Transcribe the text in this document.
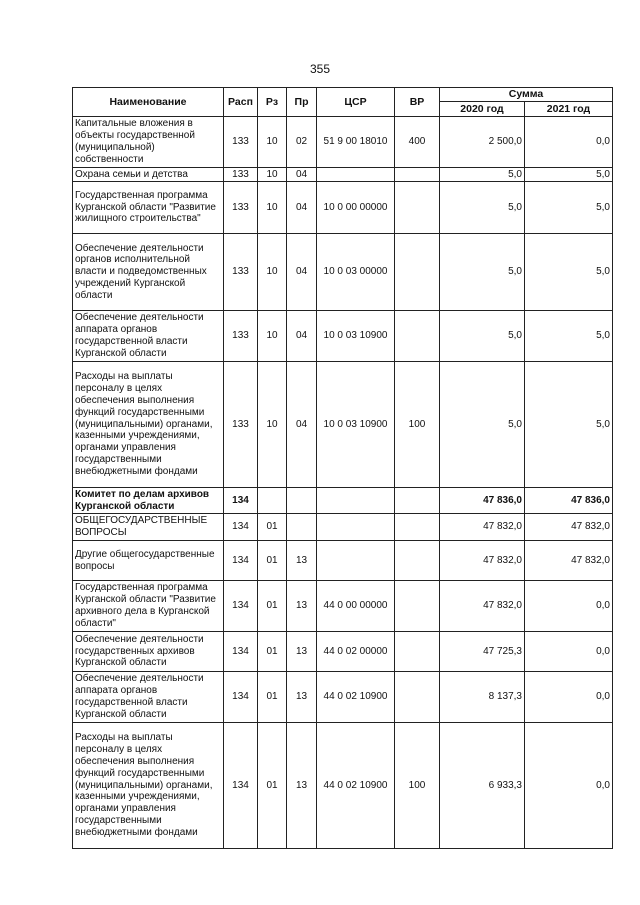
355
Наименование	Расп	Рз	Пр	ЦСР	ВР	Сумма	
						2020 год	2021 год
Капитальные вложения в объекты государственной (муниципальной) собственности	133	10	02	51 9 00 18010	400	2 500,0	0,0
Охрана семьи и детства	133	10	04			5,0	5,0
Государственная программа Курганской области "Развитие жилищного строительства"	133	10	04	10 0 00 00000		5,0	5,0
Обеспечение деятельности органов исполнительной власти и подведомственных учреждений Курганской области	133	10	04	10 0 03 00000		5,0	5,0
Обеспечение деятельности аппарата органов государственной власти Курганской области	133	10	04	10 0 03 10900		5,0	5,0
Расходы на выплаты персоналу в целях обеспечения выполнения функций государственными (муниципальными) органами, казенными учреждениями, органами управления государственными внебюджетными фондами	133	10	04	10 0 03 10900	100	5,0	5,0
Комитет по делам архивов Курганской области	134					47 836,0	47 836,0
ОБЩЕГОСУДАРСТВЕННЫЕ ВОПРОСЫ	134	01				47 832,0	47 832,0
Другие общегосударственные вопросы	134	01	13			47 832,0	47 832,0
Государственная программа Курганской области "Развитие архивного дела в Курганской области"	134	01	13	44 0 00 00000		47 832,0	0,0
Обеспечение деятельности государственных архивов Курганской области	134	01	13	44 0 02 00000		47 725,3	0,0
Обеспечение деятельности аппарата органов государственной власти Курганской области	134	01	13	44 0 02 10900		8 137,3	0,0
Расходы на выплаты персоналу в целях обеспечения выполнения функций государственными (муниципальными) органами, казенными учреждениями, органами управления государственными внебюджетными фондами	134	01	13	44 0 02 10900	100	6 933,3	0,0
